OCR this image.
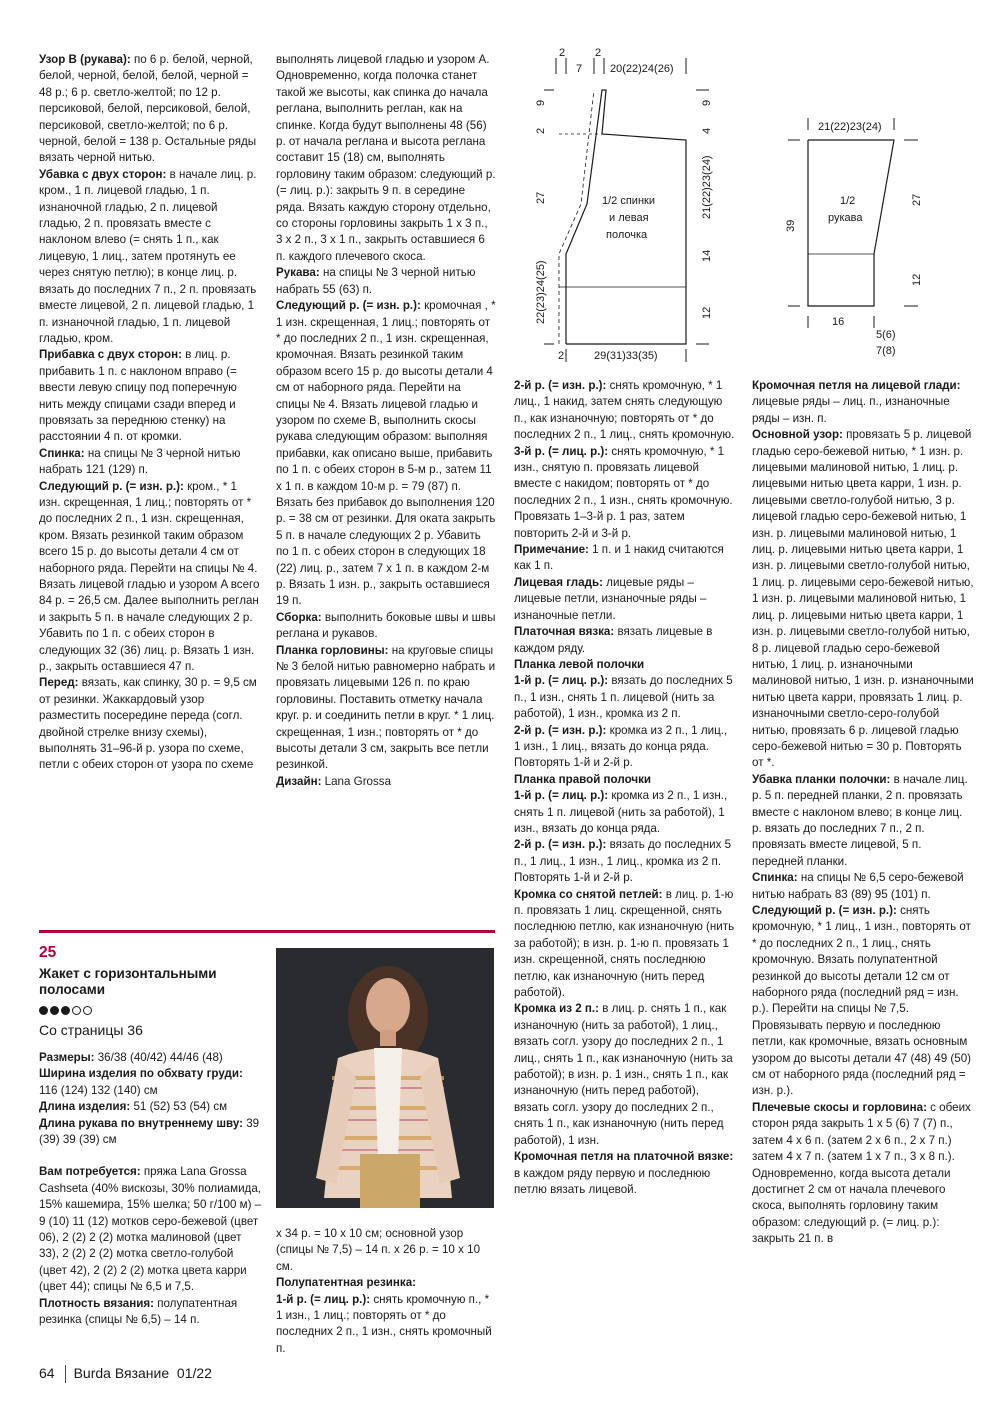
Узор B (рукава): по 6 р. белой, черной, белой, черной, белой, белой, черной = 48 р.; 6 р. светло-желтой; по 12 р. персиковой, белой, персиковой, белой, персиковой, светло-желтой; по 6 р. черной, белой = 138 р. Остальные ряды вязать черной нитью.

Убавка с двух сторон: в начале лиц. р. кром., 1 п. лицевой гладью, 1 п. изнаночной гладью, 2 п. лицевой гладью, 2 п. провязать вместе с наклоном влево (= снять 1 п., как лицевую, 1 лиц., затем протянуть ее через снятую петлю); в конце лиц. р. вязать до последних 7 п., 2 п. провязать вместе лицевой, 2 п. лицевой гладью, 1 п. изнаночной гладью, 1 п. лицевой гладью, кром.

Прибавка с двух сторон: в лиц. р. прибавить 1 п. с наклоном вправо (= ввести левую спицу под поперечную нить между спицами сзади вперед и провязать за переднюю стенку) на расстоянии 4 п. от кромки.

Спинка: на спицы № 3 черной нитью набрать 121 (129) п.

Следующий р. (= изн. р.): кром., * 1 изн. скрещенная, 1 лиц.; повторять от * до последних 2 п., 1 изн. скрещенная, кром. Вязать резинкой таким образом всего 15 р. до высоты детали 4 см от наборного ряда. Перейти на спицы № 4. Вязать лицевой гладью и узором A всего 84 р. = 26,5 см. Далее выполнить реглан и закрыть 5 п. в начале следующих 2 р. Убавить по 1 п. с обеих сторон в следующих 32 (36) лиц. р. Вязать 1 изн. р., закрыть оставшиеся 47 п.

Перед: вязать, как спинку, 30 р. = 9,5 см от резинки. Жаккардовый узор разместить посередине переда (согл. двойной стрелке внизу схемы), выполнять 31–96-й р. узора по схеме, петли с обеих сторон от узора по схеме

выполнять лицевой гладью и узором A. Одновременно, когда полочка станет такой же высоты, как спинка до начала реглана, выполнить реглан, как на спинке. Когда будут выполнены 48 (56) р. от начала реглана и высота реглана составит 15 (18) см, выполнять горловину таким образом: следующий р. (= лиц. р.): закрыть 9 п. в середине ряда. Вязать каждую сторону отдельно, со стороны горловины закрыть 1 x 3 п., 3 x 2 п., 3 x 1 п., закрыть оставшиеся 6 п. каждого плечевого скоса.

Рукава: на спицы № 3 черной нитью набрать 55 (63) п.

Следующий р. (= изн. р.): кромочная , * 1 изн. скрещенная, 1 лиц.; повторять от * до последних 2 п., 1 изн. скрещенная, кромочная. Вязать резинкой таким образом всего 15 р. до высоты детали 4 см от наборного ряда. Перейти на спицы № 4. Вязать лицевой гладью и узором по схеме B, выполнить скосы рукава следующим образом: выполняя прибавки, как описано выше, прибавить по 1 п. с обеих сторон в 5-м р., затем 11 x 1 п. в каждом 10-м р. = 79 (87) п. Вязать без прибавок до выполнения 120 р. = 38 см от резинки. Для оката закрыть 5 п. в начале следующих 2 р. Убавить по 1 п. с обеих сторон в следующих 18 (22) лиц. р., затем 7 x 1 п. в каждом 2-м р. Вязать 1 изн. р., закрыть оставшиеся 19 п.

Сборка: выполнить боковые швы и швы реглана и рукавов.

Планка горловины: на круговые спицы № 3 белой нитью равномерно набрать и провязать лицевыми 126 п. по краю горловины. Поставить отметку начала круг. р. и соединить петли в круг. * 1 лиц. скрещенная, 1 изн.; повторять от * до высоты детали 3 см, закрыть все петли резинкой.

Дизайн: Lana Grossa

2-й р. (= изн. р.): снять кромочную, * 1 лиц., 1 накид, затем снять следующую п., как изнаночную; повторять от * до последних 2 п., 1 лиц., снять кромочную.

3-й р. (= лиц. р.): снять кромочную, * 1 изн., снятую п. провязать лицевой вместе с накидом; повторять от * до последних 2 п., 1 изн., снять кромочную.

Провязать 1–3-й р. 1 раз, затем повторить 2-й и 3-й р.

Примечание: 1 п. и 1 накид считаются как 1 п.

Лицевая гладь: лицевые ряды – лицевые петли, изнаночные ряды – изнаночные петли.

Платочная вязка: вязать лицевые в каждом ряду.

Планка левой полочки

1-й р. (= лиц. р.): вязать до последних 5 п., 1 изн., снять 1 п. лицевой (нить за работой), 1 изн., кромка из 2 п.

2-й р. (= изн. р.): кромка из 2 п., 1 лиц., 1 изн., 1 лиц., вязать до конца ряда.

Повторять 1-й и 2-й р.

Планка правой полочки

1-й р. (= лиц. р.): кромка из 2 п., 1 изн., снять 1 п. лицевой (нить за работой), 1 изн., вязать до конца ряда.

2-й р. (= изн. р.): вязать до последних 5 п., 1 лиц., 1 изн., 1 лиц., кромка из 2 п.

Повторять 1-й и 2-й р.

Кромка со снятой петлей: в лиц. р. 1-ю п. провязать 1 лиц. скрещенной, снять последнюю петлю, как изнаночную (нить за работой); в изн. р. 1-ю п. провязать 1 изн. скрещенной, снять последнюю петлю, как изнаночную (нить перед работой).

Кромка из 2 п.: в лиц. р. снять 1 п., как изнаночную (нить за работой), 1 лиц., вязать согл. узору до последних 2 п., 1 лиц., снять 1 п., как изнаночную (нить за работой); в изн. р. 1 изн., снять 1 п., как изнаночную (нить перед работой), вязать согл. узору до последних 2 п., снять 1 п., как изнаночную (нить перед работой), 1 изн.

Кромочная петля на платочной вязке: в каждом ряду первую и последнюю петлю вязать лицевой.

Кромочная петля на лицевой глади: лицевые ряды – лиц. п., изнаночные ряды – изн. п.

Основной узор: провязать 5 р. лицевой гладью серо-бежевой нитью, * 1 изн. р. лицевыми малиновой нитью, 1 лиц. р. лицевыми нитью цвета карри, 1 изн. р. лицевыми светло-голубой нитью, 3 р. лицевой гладью серо-бежевой нитью, 1 изн. р. лицевыми малиновой нитью, 1 лиц. р. лицевыми нитью цвета карри, 1 изн. р. лицевыми светло-голубой нитью, 1 лиц. р. лицевыми серо-бежевой нитью, 1 изн. р. лицевыми малиновой нитью, 1 лиц. р. лицевыми нитью цвета карри, 1 изн. р. лицевыми светло-голубой нитью, 8 р. лицевой гладью серо-бежевой нитью, 1 лиц. р. изнаночными малиновой нитью, 1 изн. р. изнаночными нитью цвета карри, провязать 1 лиц. р. изнаночными светло-серо-голубой нитью, провязать 6 р. лицевой гладью серо-бежевой нитью = 30 р. Повторять от *.

Убавка планки полочки: в начале лиц. р. 5 п. передней планки, 2 п. провязать вместе с наклоном влево; в конце лиц. р. вязать до последних 7 п., 2 п. провязать вместе лицевой, 5 п. передней планки.

Спинка: на спицы № 6,5 серо-бежевой нитью набрать 83 (89) 95 (101) п.

Следующий р. (= изн. р.): снять кромочную, * 1 лиц., 1 изн., повторять от * до последних 2 п., 1 лиц., снять кромочную. Вязать полупатентной резинкой до высоты детали 12 см от наборного ряда (последний ряд = изн. р.). Перейти на спицы № 7,5. Провязывать первую и последнюю петли, как кромочные, вязать основным узором до высоты детали 47 (48) 49 (50) см от наборного ряда (последний ряд = изн. р.).

Плечевые скосы и горловина: с обеих сторон ряда закрыть 1 x 5 (6) 7 (7) п., затем 4 x 6 п. (затем 2 x 6 п., 2 x 7 п.) затем 4 x 7 п. (затем 1 x 7 п., 3 x 8 п.). Одновременно, когда высота детали достигнет 2 см от начала плечевого скоса, выполнять горловину таким образом: следующий р. (= лиц. р.): закрыть 21 п. в

2
7
2
20(22)24(26)
9
2
27
22(23)24(25)
9
4
21(22)23(24)
14
12
2	29(31)33(35)
1/2 спинки
и левая
полочка
21(22)23(24)
39
27
12
16
5(6)
7(8)
1/2
рукава
25
Жакет с горизонтальными полосами
Со страницы 36

Размеры: 36/38 (40/42) 44/46 (48)

Ширина изделия по обхвату груди: 116 (124) 132 (140) см

Длина изделия: 51 (52) 53 (54) см

Длина рукава по внутреннему шву: 39 (39) 39 (39) см

Вам потребуется: пряжа Lana Grossa Cashseta (40% вискозы, 30% полиамида, 15% кашемира, 15% шелка; 50 г/100 м) – 9 (10) 11 (12) мотков серо-бежевой (цвет 06), 2 (2) 2 (2) мотка малиновой (цвет 33), 2 (2) 2 (2) мотка светло-голубой (цвет 42), 2 (2) 2 (2) мотка цвета карри (цвет 44); спицы № 6,5 и 7,5.

Плотность вязания: полупатентная резинка (спицы № 6,5) – 14 п.

x 34 р. = 10 x 10 см; основной узор (спицы № 7,5) – 14 п. x 26 р. = 10 x 10 см.

Полупатентная резинка:

1-й р. (= лиц. р.): снять кромочную п., * 1 изн., 1 лиц.; повторять от * до последних 2 п., 1 изн., снять кромочный п.

64 Burda Вязание 01/22
